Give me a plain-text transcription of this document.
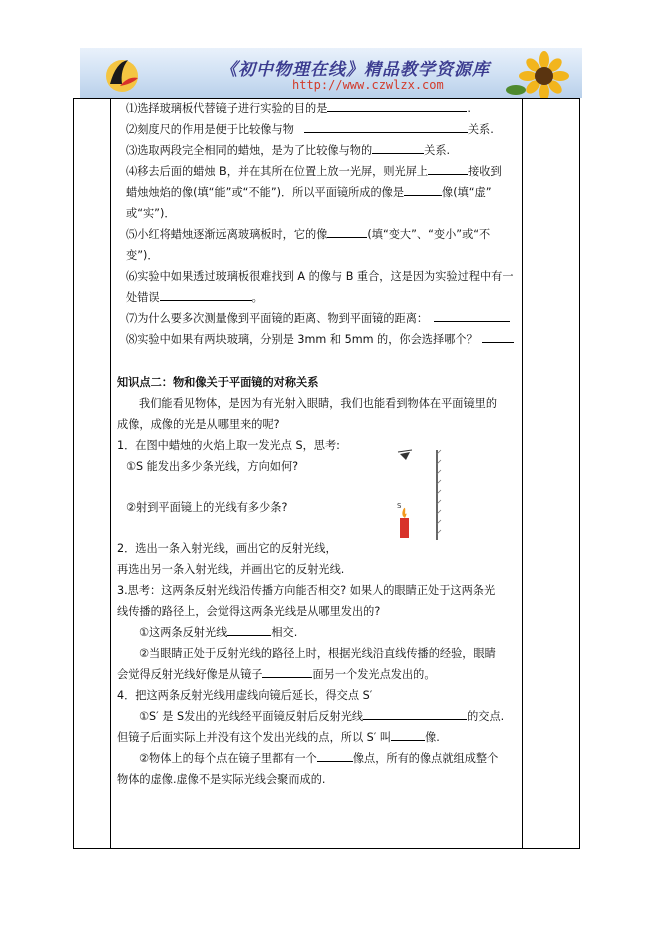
《初中物理在线》精品教学资源库
http://www.czwlzx.com
⑴选择玻璃板代替镜子进行实验的目的是	.
⑵刻度尺的作用是便于比较像与物	关系.
⑶选取两段完全相同的蜡烛，是为了比较像与物的	关系.
⑷移去后面的蜡烛 B，并在其所在位置上放一光屏，则光屏上	接收到
蜡烛烛焰的像(填“能”或“不能”)．所以平面镜所成的像是	像(填“虚”
或“实”)．
⑸小红将蜡烛逐渐远离玻璃板时，它的像	(填“变大”、“变小”或“不
变”)．
⑹实验中如果透过玻璃板很难找到 A 的像与 B 重合，这是因为实验过程中有一
处错误	。
⑺为什么要多次测量像到平面镜的距离、物到平面镜的距离：
⑻实验中如果有两块玻璃，分别是 3mm 和 5mm 的，你会选择哪个？
知识点二：物和像关于平面镜的对称关系
我们能看见物体，是因为有光射入眼睛，我们也能看到物体在平面镜里的
成像，成像的光是从哪里来的呢?
1．在图中蜡烛的火焰上取一发光点 S，思考:
①S 能发出多少条光线，方向如何?
②射到平面镜上的光线有多少条?
2．选出一条入射光线，画出它的反射光线，
再选出另一条入射光线，并画出它的反射光线.
3.思考：这两条反射光线沿传播方向能否相交? 如果人的眼睛正处于这两条光
线传播的路径上，会觉得这两条光线是从哪里发出的?
①这两条反射光线	相交.
②当眼睛正处于反射光线的路径上时，根据光线沿直线传播的经验，眼睛
会觉得反射光线好像是从镜子	面另一个发光点发出的。
4．把这两条反射光线用虚线向镜后延长，得交点 S′
①S′ 是 S发出的光线经平面镜反射后反射光线	的交点.
但镜子后面实际上并没有这个发出光线的点，所以 S′ 叫	像.
②物体上的每个点在镜子里都有一个	像点，所有的像点就组成整个
物体的虚像.虚像不是实际光线会聚而成的.
S
